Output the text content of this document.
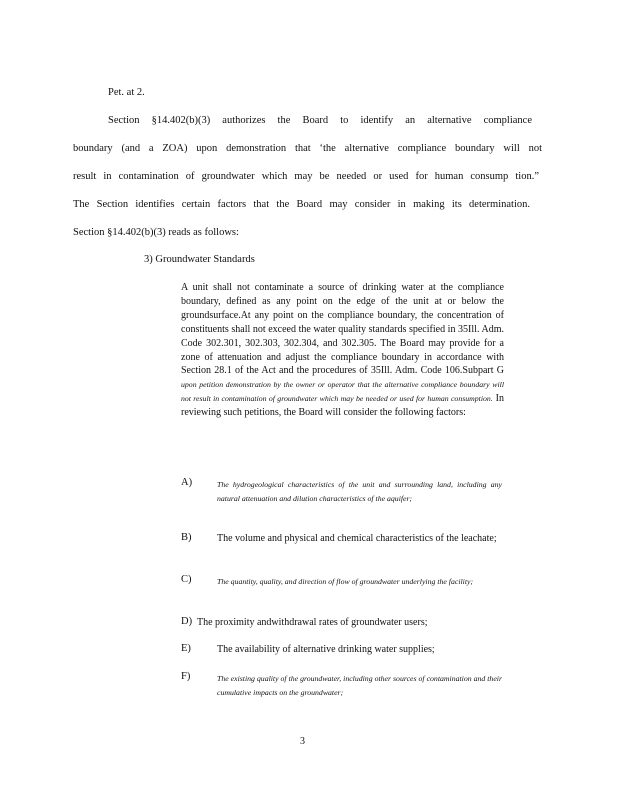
Pet. at 2.
Section §14.402(b)(3) authorizes the Board to identify an alternative compliance
boundary (and a ZOA) upon demonstration that ‘the alternative compliance boundary will not
result in contamination of groundwater which may be needed or used for human consump tion.”
The Section identifies certain factors that the Board may consider in making its determination.
Section §14.402(b)(3) reads as follows:
3) Groundwater Standards
A unit shall not contaminate a source of drinking water at the compliance boundary, defined as any point on the edge of the unit at or below the groundsurface.At any point on the compliance boundary, the concentration of constituents shall not exceed the water quality standards specified in 35Ill. Adm. Code 302.301, 302.303, 302.304, and 302.305. The Board may provide for a zone of attenuation and adjust the compliance boundary in accordance with Section 28.1 of the Act and the procedures of 35Ill. Adm. Code 106.Subpart G upon petition demonstration by the owner or operator that the alternative compliance boundary will not result in contamination of groundwater which may be needed or used for human consumption. In reviewing such petitions, the Board will consider the following factors:
A)	The hydrogeological characteristics of the unit and surrounding land, including any natural attenuation and dilution characteristics of the aquifer;
B)	The volume and physical and chemical characteristics of the leachate;
C)	The quantity, quality, and direction of flow of groundwater underlying the facility;
D) The proximity andwithdrawal rates of groundwater users;
E)	The availability of alternative drinking water supplies;
F)	The existing quality of the groundwater, including other sources of contamination and their cumulative impacts on the groundwater;
3
